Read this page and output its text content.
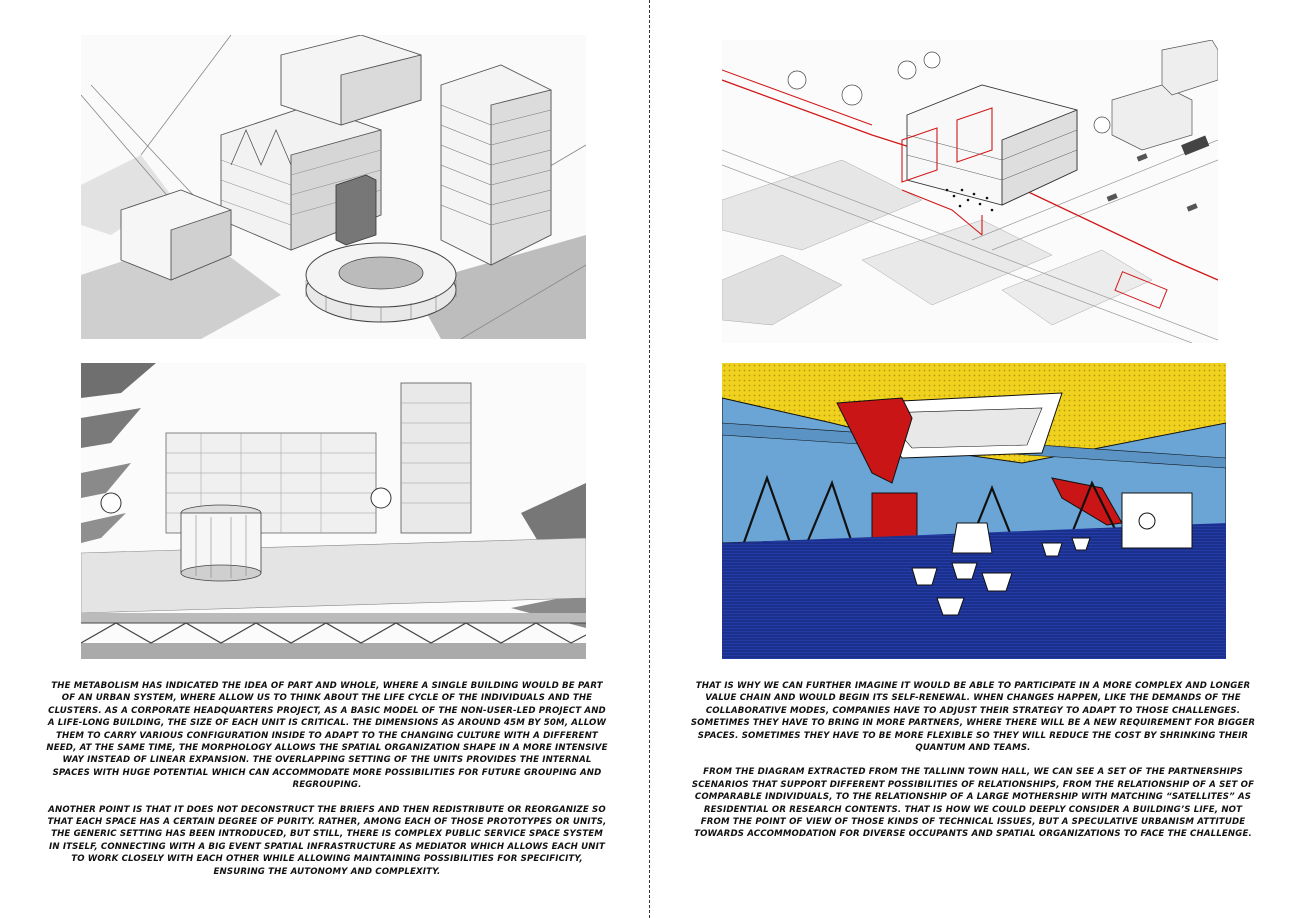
THE METABOLISM HAS INDICATED THE IDEA OF PART AND WHOLE, WHERE A SINGLE BUILDING WOULD BE PART OF AN URBAN SYSTEM, WHERE ALLOW US TO THINK ABOUT THE LIFE CYCLE OF THE INDIVIDUALS AND THE CLUSTERS. AS A CORPORATE HEADQUARTERS PROJECT, AS A BASIC MODEL OF THE NON-USER-LED PROJECT AND A LIFE-LONG BUILDING, THE SIZE OF EACH UNIT IS CRITICAL. THE DIMENSIONS AS AROUND 45M BY 50M, ALLOW THEM TO CARRY VARIOUS CONFIGURATION INSIDE TO ADAPT TO THE CHANGING CULTURE WITH A DIFFERENT NEED, AT THE SAME TIME, THE MORPHOLOGY ALLOWS THE SPATIAL ORGANIZATION SHAPE IN A MORE INTENSIVE WAY INSTEAD OF LINEAR EXPANSION. THE OVERLAPPING SETTING OF THE UNITS PROVIDES THE INTERNAL SPACES WITH HUGE POTENTIAL WHICH CAN ACCOMMODATE MORE POSSIBILITIES FOR FUTURE GROUPING AND REGROUPING.

ANOTHER POINT IS THAT IT DOES NOT DECONSTRUCT THE BRIEFS AND THEN REDISTRIBUTE OR REORGANIZE SO THAT EACH SPACE HAS A CERTAIN DEGREE OF PURITY. RATHER, AMONG EACH OF THOSE PROTOTYPES OR UNITS, THE GENERIC SETTING HAS BEEN INTRODUCED, BUT STILL, THERE IS COMPLEX PUBLIC SERVICE SPACE SYSTEM IN ITSELF, CONNECTING WITH A BIG EVENT SPATIAL INFRASTRUCTURE AS MEDIATOR WHICH ALLOWS EACH UNIT TO WORK CLOSELY WITH EACH OTHER WHILE ALLOWING MAINTAINING POSSIBILITIES FOR SPECIFICITY, ENSURING THE AUTONOMY AND COMPLEXITY.

THAT IS WHY WE CAN FURTHER IMAGINE IT WOULD BE ABLE TO PARTICIPATE IN A MORE COMPLEX AND LONGER VALUE CHAIN AND WOULD BEGIN ITS SELF-RENEWAL. WHEN CHANGES HAPPEN, LIKE THE DEMANDS OF THE COLLABORATIVE MODES, COMPANIES HAVE TO ADJUST THEIR STRATEGY TO ADAPT TO THOSE CHALLENGES. SOMETIMES THEY HAVE TO BRING IN MORE PARTNERS, WHERE THERE WILL BE A NEW REQUIREMENT FOR BIGGER SPACES. SOMETIMES THEY HAVE TO BE MORE FLEXIBLE SO THEY WILL REDUCE THE COST BY SHRINKING THEIR QUANTUM AND TEAMS.

FROM THE DIAGRAM EXTRACTED FROM THE TALLINN TOWN HALL, WE CAN SEE A SET OF THE PARTNERSHIPS SCENARIOS THAT SUPPORT DIFFERENT POSSIBILITIES OF RELATIONSHIPS, FROM THE RELATIONSHIP OF A SET OF COMPARABLE INDIVIDUALS, TO THE RELATIONSHIP OF A LARGE MOTHERSHIP WITH MATCHING “SATELLITES” AS RESIDENTIAL OR RESEARCH CONTENTS. THAT IS HOW WE COULD DEEPLY CONSIDER A BUILDING’S LIFE, NOT FROM THE POINT OF VIEW OF THOSE KINDS OF TECHNICAL ISSUES, BUT A SPECULATIVE URBANISM ATTITUDE TOWARDS ACCOMMODATION FOR DIVERSE OCCUPANTS AND SPATIAL ORGANIZATIONS TO FACE THE CHALLENGE.
